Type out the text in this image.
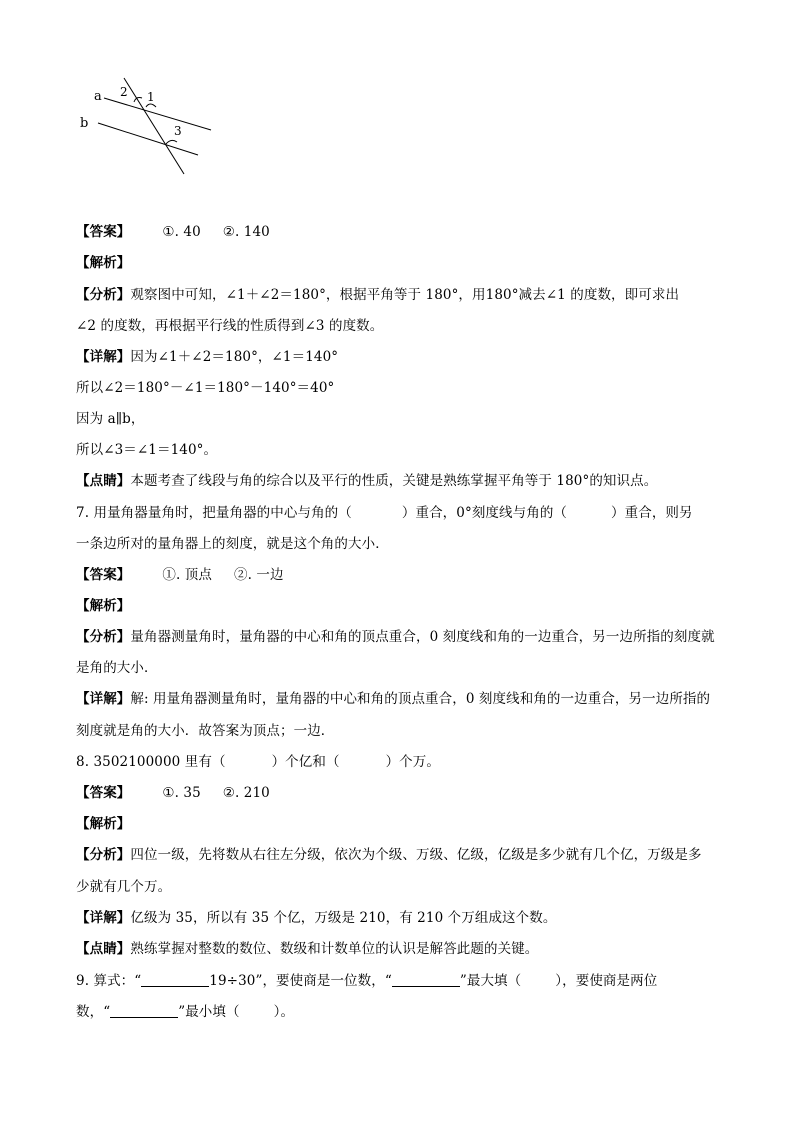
a
b
2 1
3
【答案】 ①. 40 ②. 140
【解析】
【分析】观察图中可知，∠1＋∠2＝180°，根据平角等于 180°，用180°减去∠1 的度数，即可求出
∠2 的度数，再根据平行线的性质得到∠3 的度数。
【详解】因为∠1＋∠2＝180°，∠1＝140°
所以∠2＝180°－∠1＝180°－140°＝40°
因为 a∥b，
所以∠3＝∠1＝140°。
【点睛】本题考查了线段与角的综合以及平行的性质，关键是熟练掌握平角等于 180°的知识点。
7. 用量角器量角时，把量角器的中心与角的（	）重合，0°刻度线与角的（	）重合，则另
一条边所对的量角器上的刻度，就是这个角的大小．
【答案】 ①. 顶点 ②. 一边
【解析】
【分析】量角器测量角时，量角器的中心和角的顶点重合，0 刻度线和角的一边重合，另一边所指的刻度就
是角的大小．
【详解】解: 用量角器测量角时，量角器的中心和角的顶点重合，0 刻度线和角的一边重合，另一边所指的
刻度就是角的大小．故答案为顶点；一边．
8. 3502100000 里有（	）个亿和（	）个万。
【答案】 ①. 35 ②. 210
【解析】
【分析】四位一级，先将数从右往左分级，依次为个级、万级、亿级，亿级是多少就有几个亿，万级是多
少就有几个万。
【详解】亿级为 35，所以有 35 个亿，万级是 210，有 210 个万组成这个数。
【点睛】熟练掌握对整数的数位、数级和计数单位的认识是解答此题的关键。
9. 算式：“	19÷30”，要使商是一位数，“	”最大填（	），要使商是两位
数，“	”最小填（	）。
